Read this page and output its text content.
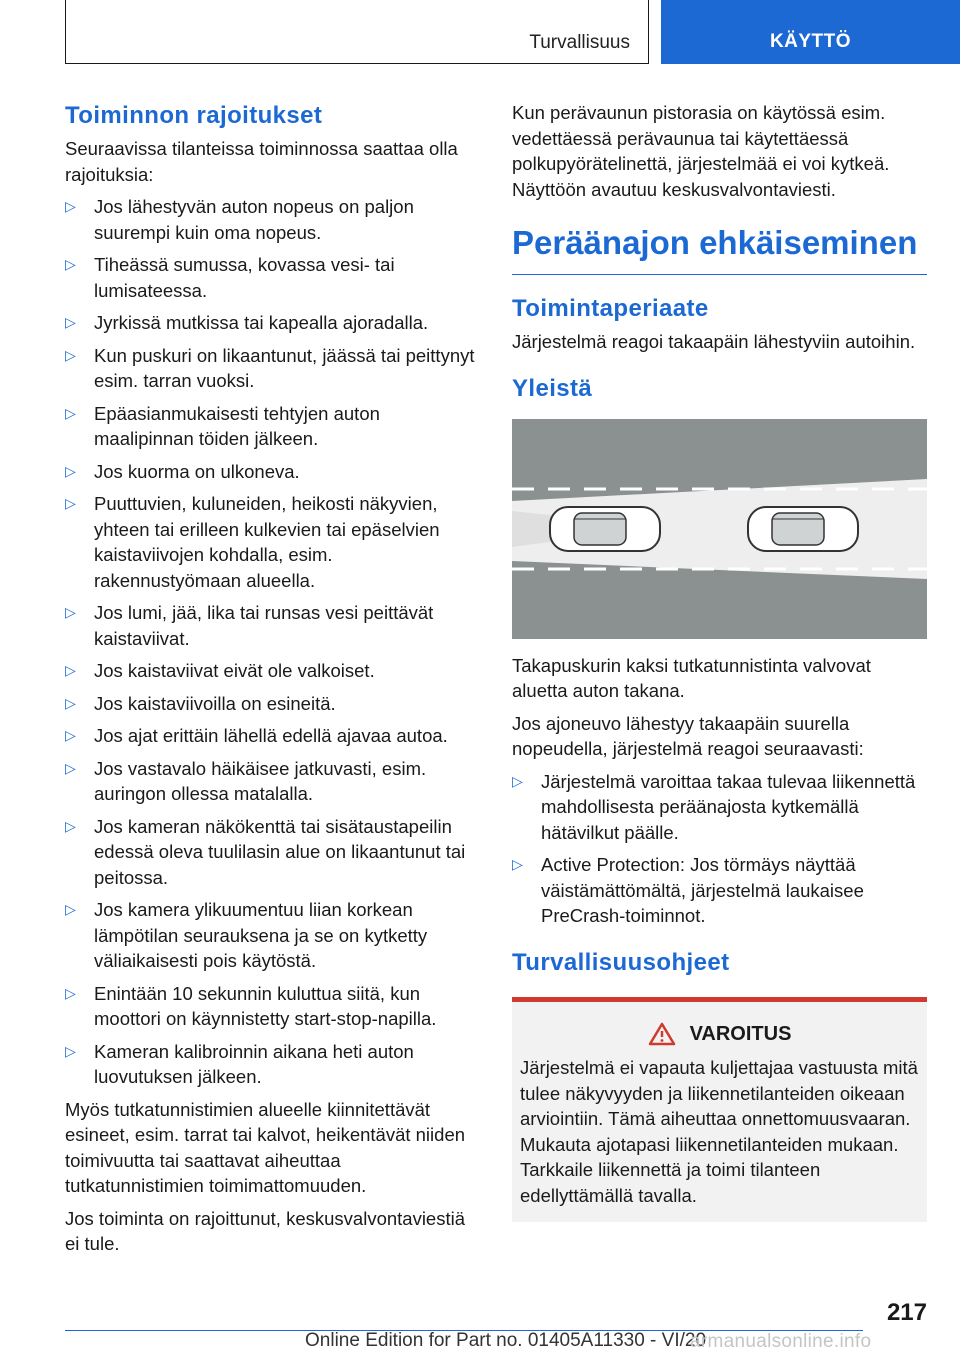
Turvallisuus	KÄYTTÖ
Toiminnon rajoitukset

Seuraavissa tilanteissa toiminnossa saattaa olla rajoituksia:

▷ Jos lähestyvän auton nopeus on paljon suurempi kuin oma nopeus.
▷ Tiheässä sumussa, kovassa vesi- tai lumisateessa.
▷ Jyrkissä mutkissa tai kapealla ajoradalla.
▷ Kun puskuri on likaantunut, jäässä tai peittynyt esim. tarran vuoksi.
▷ Epäasianmukaisesti tehtyjen auton maalipinnan töiden jälkeen.
▷ Jos kuorma on ulkoneva.
▷ Puuttuvien, kuluneiden, heikosti näkyvien, yhteen tai erilleen kulkevien tai epäselvien kaistaviivojen kohdalla, esim. rakennustyömaan alueella.
▷ Jos lumi, jää, lika tai runsas vesi peittävät kaistaviivat.
▷ Jos kaistaviivat eivät ole valkoiset.
▷ Jos kaistaviivoilla on esineitä.
▷ Jos ajat erittäin lähellä edellä ajavaa autoa.
▷ Jos vastavalo häikäisee jatkuvasti, esim. auringon ollessa matalalla.
▷ Jos kameran näkökenttä tai sisätaustapeilin edessä oleva tuulilasin alue on likaantunut tai peitossa.
▷ Jos kamera ylikuumentuu liian korkean lämpötilan seurauksena ja se on kytketty väliaikaisesti pois käytöstä.
▷ Enintään 10 sekunnin kuluttua siitä, kun moottori on käynnistetty start-stop-napilla.
▷ Kameran kalibroinnin aikana heti auton luovutuksen jälkeen.

Myös tutkatunnistimien alueelle kiinnitettävät esineet, esim. tarrat tai kalvot, heikentävät niiden toimivuutta tai saattavat aiheuttaa tutkatunnistimien toimimattomuuden.

Jos toiminta on rajoittunut, keskusvalvontaviestiä ei tule.

Kun perävaunun pistorasia on käytössä esim. vedettäessä perävaunua tai käytettäessä polkupyörätelinettä, järjestelmää ei voi kytkeä. Näyttöön avautuu keskusvalvontaviesti.

Peräänajon ehkäiseminen
Toimintaperiaate

Järjestelmä reagoi takaapäin lähestyviin autoihin.

Yleistä

Takapuskurin kaksi tutkatunnistinta valvovat aluetta auton takana.

Jos ajoneuvo lähestyy takaapäin suurella nopeudella, järjestelmä reagoi seuraavasti:

▷ Järjestelmä varoittaa takaa tulevaa liikennettä mahdollisesta peräänajosta kytkemällä hätävilkut päälle.
▷ Active Protection: Jos törmäys näyttää väistämättömältä, järjestelmä laukaisee PreCrash-toiminnot.
Turvallisuusohjeet
VAROITUS

Järjestelmä ei vapauta kuljettajaa vastuusta mitä tulee näkyvyyden ja liikennetilanteiden oikeaan arviointiin. Tämä aiheuttaa onnettomuusvaaran. Mukauta ajotapasi liikennetilanteiden mukaan. Tarkkaile liikennettä ja toimi tilanteen edellyttämällä tavalla.

217
Online Edition for Part no. 01405A11330 - VI/20
armanualsonline.info
